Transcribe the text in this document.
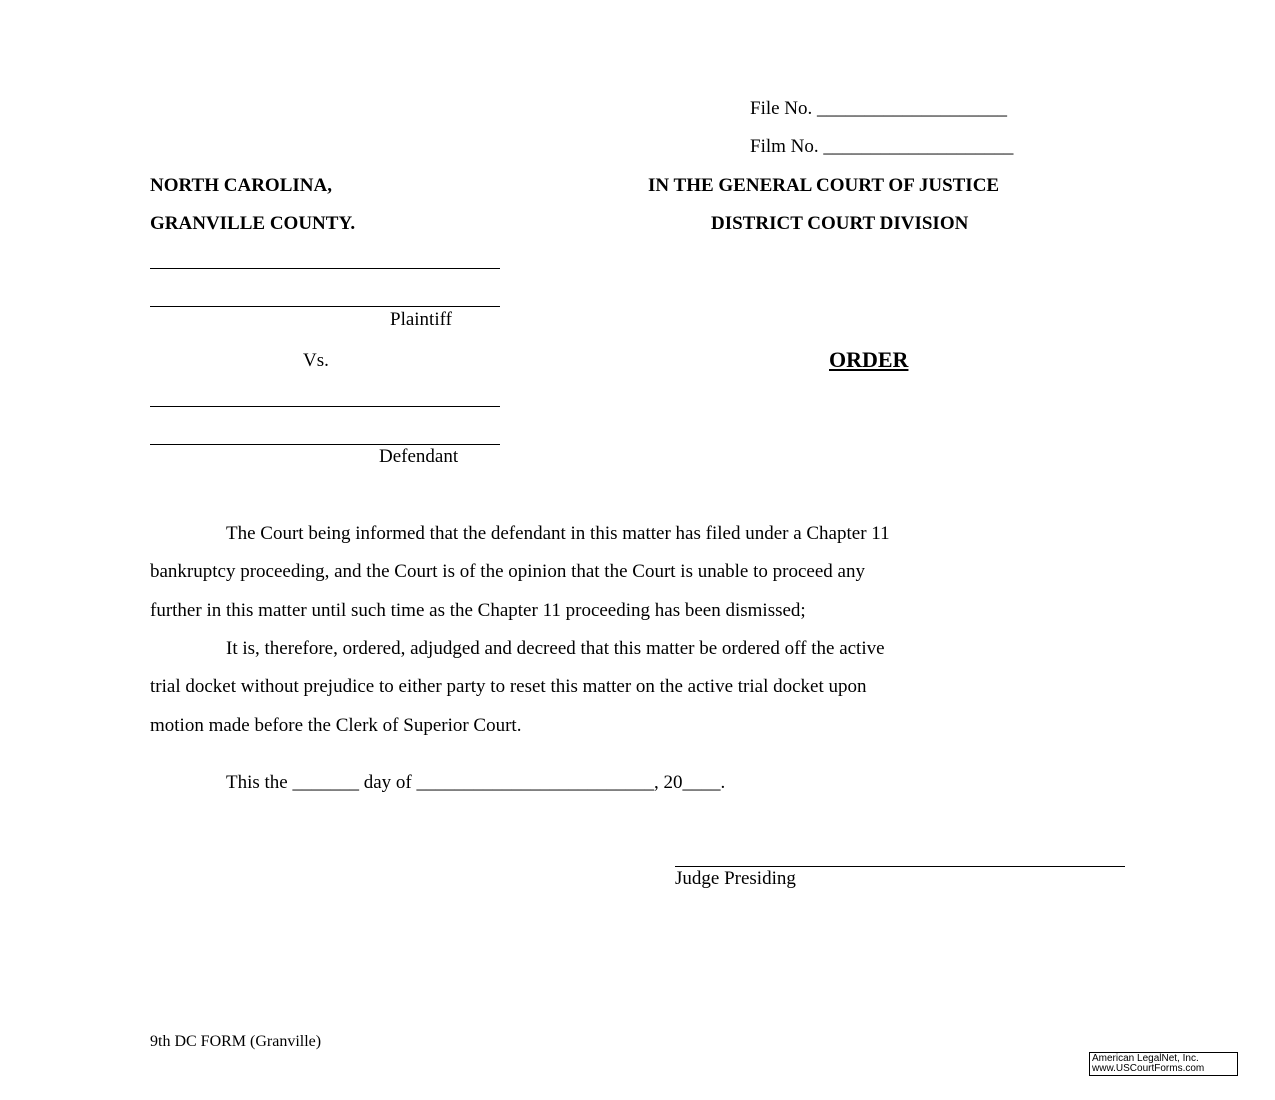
File No. ____________________
Film No. ____________________
NORTH CAROLINA,
GRANVILLE COUNTY.
IN THE GENERAL COURT OF JUSTICE
DISTRICT COURT DIVISION
Plaintiff
Vs.	ORDER
Defendant
The Court being informed that the defendant in this matter has filed under a Chapter 11
bankruptcy proceeding, and the Court is of the opinion that the Court is unable to proceed any
further in this matter until such time as the Chapter 11 proceeding has been dismissed;
It is, therefore, ordered, adjudged and decreed that this matter be ordered off the active
trial docket without prejudice to either party to reset this matter on the active trial docket upon
motion made before the Clerk of Superior Court.
This the _______ day of _________________________, 20____.
Judge Presiding
9th DC FORM (Granville)
American LegalNet, Inc.
www.USCourtForms.com
